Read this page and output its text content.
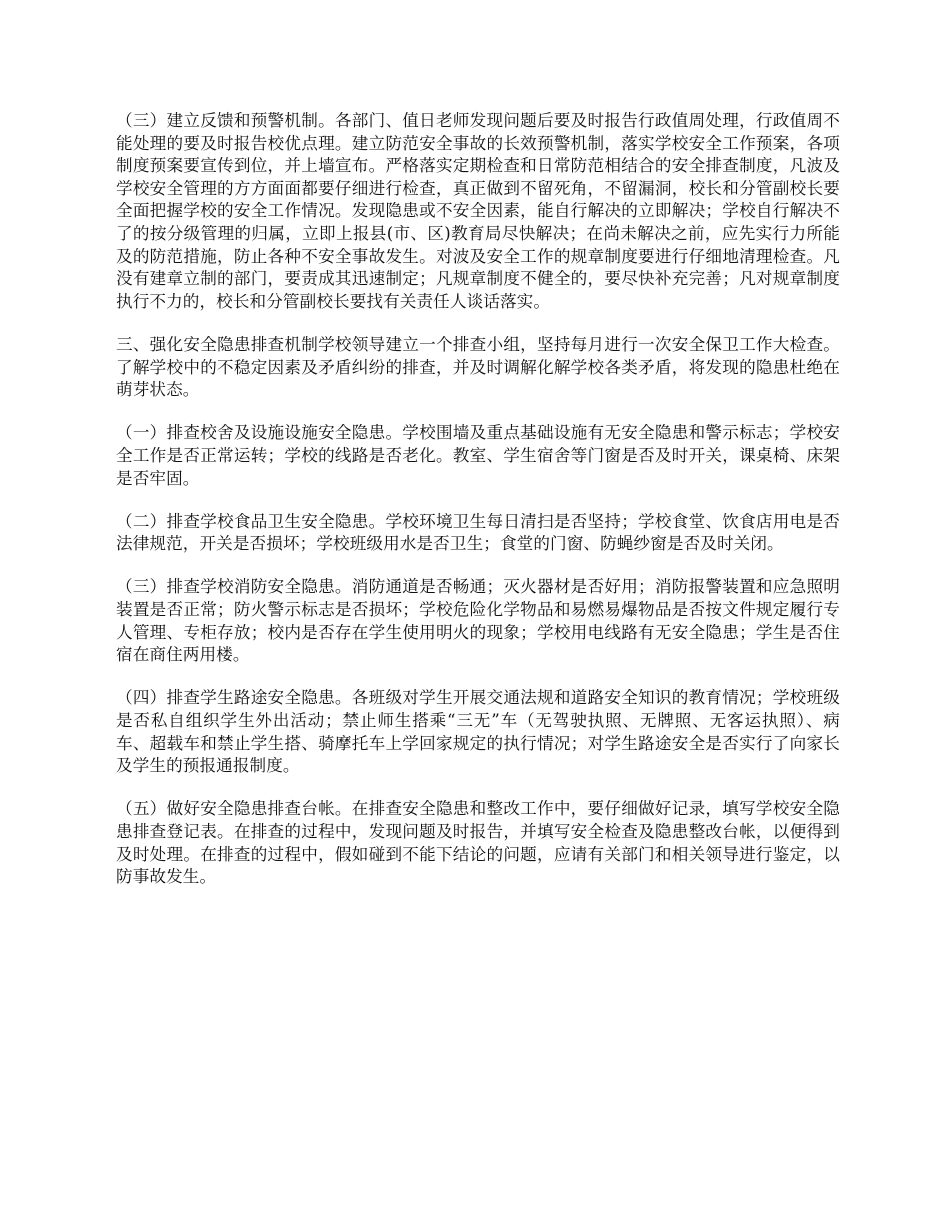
（三）建立反馈和预警机制。各部门、值日老师发现问题后要及时报告行政值周处理，行政值周不能处理的要及时报告校优点理。建立防范安全事故的长效预警机制，落实学校安全工作预案，各项制度预案要宣传到位，并上墙宣布。严格落实定期检查和日常防范相结合的安全排查制度，凡波及学校安全管理的方方面面都要仔细进行检查，真正做到不留死角，不留漏洞，校长和分管副校长要全面把握学校的安全工作情况。发现隐患或不安全因素，能自行解决的立即解决；学校自行解决不了的按分级管理的归属，立即上报县(市、区)教育局尽快解决；在尚未解决之前，应先实行力所能及的防范措施，防止各种不安全事故发生。对波及安全工作的规章制度要进行仔细地清理检查。凡没有建章立制的部门，要责成其迅速制定；凡规章制度不健全的，要尽快补充完善；凡对规章制度执行不力的，校长和分管副校长要找有关责任人谈话落实。

三、强化安全隐患排查机制学校领导建立一个排查小组，坚持每月进行一次安全保卫工作大检查。了解学校中的不稳定因素及矛盾纠纷的排查，并及时调解化解学校各类矛盾，将发现的隐患杜绝在萌芽状态。

（一）排查校舍及设施设施安全隐患。学校围墙及重点基础设施有无安全隐患和警示标志；学校安全工作是否正常运转；学校的线路是否老化。教室、学生宿舍等门窗是否及时开关，课桌椅、床架是否牢固。

（二）排查学校食品卫生安全隐患。学校环境卫生每日清扫是否坚持；学校食堂、饮食店用电是否法律规范，开关是否损坏；学校班级用水是否卫生；食堂的门窗、防蝇纱窗是否及时关闭。

（三）排查学校消防安全隐患。消防通道是否畅通；灭火器材是否好用；消防报警装置和应急照明装置是否正常；防火警示标志是否损坏；学校危险化学物品和易燃易爆物品是否按文件规定履行专人管理、专柜存放；校内是否存在学生使用明火的现象；学校用电线路有无安全隐患；学生是否住宿在商住两用楼。

（四）排查学生路途安全隐患。各班级对学生开展交通法规和道路安全知识的教育情况；学校班级是否私自组织学生外出活动；禁止师生搭乘“三无”车（无驾驶执照、无牌照、无客运执照）、病车、超载车和禁止学生搭、骑摩托车上学回家规定的执行情况；对学生路途安全是否实行了向家长及学生的预报通报制度。

（五）做好安全隐患排查台帐。在排查安全隐患和整改工作中，要仔细做好记录，填写学校安全隐患排查登记表。在排查的过程中，发现问题及时报告，并填写安全检查及隐患整改台帐，以便得到及时处理。在排查的过程中，假如碰到不能下结论的问题，应请有关部门和相关领导进行鉴定，以防事故发生。
